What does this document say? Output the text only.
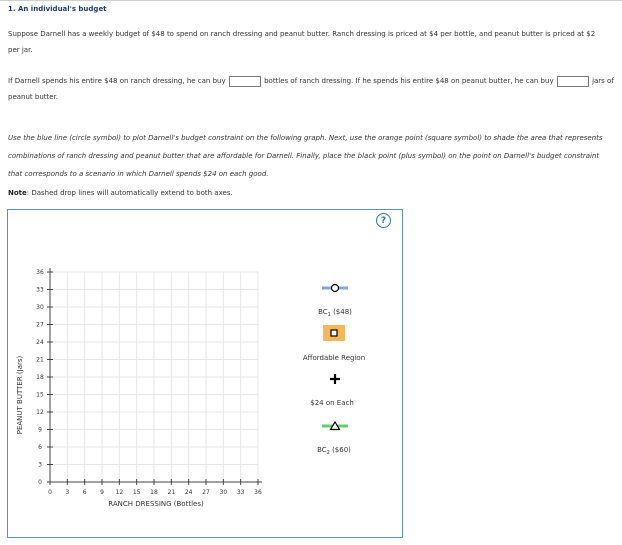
1. An individual's budget
Suppose Darnell has a weekly budget of $48 to spend on ranch dressing and peanut butter. Ranch dressing is priced at $4 per bottle, and peanut butter is priced at $2 per jar.
If Darnell spends his entire $48 on ranch dressing, he can buy	bottles of ranch dressing. If he spends his entire $48 on peanut butter, he can buy	jars of peanut butter.
Use the blue line (circle symbol) to plot Darnell's budget constraint on the following graph. Next, use the orange point (square symbol) to shade the area that represents combinations of ranch dressing and peanut butter that are affordable for Darnell. Finally, place the black point (plus symbol) on the point on Darnell's budget constraint that corresponds to a scenario in which Darnell spends $24 on each good.
Note: Dashed drop lines will automatically extend to both axes.
0 3 6 9 12 15 18 21 24 27 30 33 36
0
3
6
9
12
15
18
21
24
27
30
33
36
PEANUT BUTTER (Jars)
RANCH DRESSING (Bottles)
$BC_1$ ($48)
Affordable Region
$24 on Each
$BC_2$ ($60)
?
